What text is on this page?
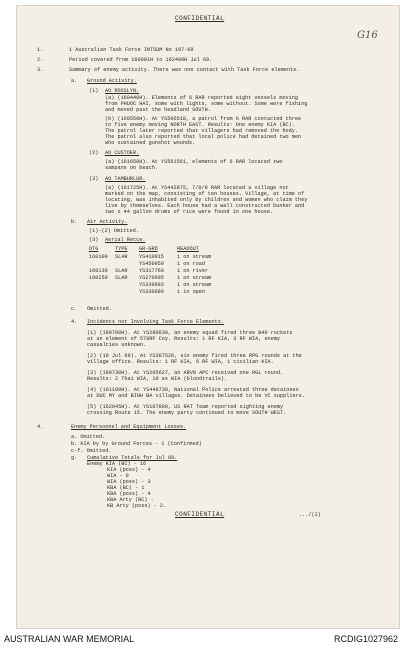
CONFIDENTIAL
G16
1.	1 Australian Task Force INTSUM No 197-69
2.	Period covered from 160001H to 162400H Jul 69.
3.	Summary of enemy activity. There was one contact with Task Force elements.
a. Ground Activity.
(1) AO ROSSLYN.
(a) (160440H). Elements of 6 RAR reported eight vessels moving
from PHUOC HAI, some with lights, some without. Some were fishing
and moved past the headland SOUTH.
(b) (160550H). At YS506518, a patrol from 6 RAR contacted three
to five enemy moving NORTH EAST. Results: One enemy KIA (BC).
The patrol later reported that villagers had removed the body.
The patrol also reported that local police had detained two men
who sustained gunshot wounds.
(2) AO CUSTOER.
(a) (161650H). At YS561561, elements of 6 RAR located two
sampans on beach.
(3) AO TAMBURLUR.
(a) (161725H). At YS442875, 7/0/9 RAR located a village not
marked on the map, consisting of ten houses. Village, at time of
locating, was inhabited only by children and women who claim they
live by themselves. Each house had a wall constructed bunker and
two x 44 gallon drums of rice were found in one house.
b. Air Activity.
(1)-(2) Omitted.
(3) Aerial Recce.
DTG	TYPE GR-GRD	READOUT
160100 SLAR YS410915	1 on stream
YS450959	1 on road
160130 SLAR YS317760	1 on river
160250 SLAR YS270695	1 on stream
YS330693	1 on stream
YS330689	1 in open
c. Omitted.
4. Incidents not Involving Task Force Elements.
(1) (160700H). At YS280630, an enemy squad fired three B40 rockets
at an element of 578RF Coy. Results: 1 RF KIA, 3 RF WIA, enemy
casualties unknown.
(2) (16 Jul 69). At YS387520, six enemy fired three RPG rounds at the
village office. Results: 1 RF KIA, 6 RF WIA, 1 civilian KIA.
(3) (160730H). At YS205627, an ARVN APC received one RGL round.
Results: 2 Thai WIA, 10 ex WIA (bloodtrails).
(4) (161100H). At YS448730, National Police arrested three detainees
at DUC MY and BINH BA villages. Detainees believed to be VC suppliers.
(5) (162045H). At YS107800, US RAT Team reported sighting enemy
crossing Route 15. The enemy party continued to move SOUTH WEST.
4.	Enemy Personnel and Equipment Losses.
a. Omitted.
b. KIA by by Ground Forces - 1 (Confirmed)
c-f. Omitted.
g. Cumulative Totals for Jul 69.
Enemy KIA (BC) - 16
KIA (poss) - 4
WIA - 0
WIA (poss) - 3
KBA (BC) - 1
KBA (poss) - 4
KBA Arty (BC) -
KB Arty (poss) - 2.
CONFIDENTIAL	.../(2)
AUSTRALIAN WAR MEMORIAL	RCDIG1027962
